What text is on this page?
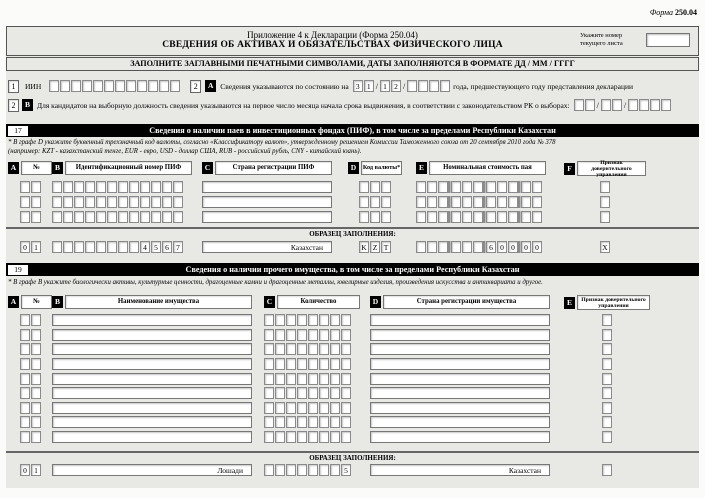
Форма 250.04
Приложение 4 к Декларации (Форма 250.04)
СВЕДЕНИЯ ОБ АКТИВАХ И ОБЯЗАТЕЛЬСТВАХ ФИЗИЧЕСКОГО ЛИЦА
Укажите номер текущего листа
ЗАПОЛНИТЕ ЗАГЛАВНЫМИ ПЕЧАТНЫМИ СИМВОЛАМИ, ДАТЫ ЗАПОЛНЯЮТСЯ В ФОРМАТЕ ДД / ММ / ГГГГ
1	ИИН	2	A Сведения указываются по состоянию на 3 1 / 1 2 /	года, предшествующего году представления декларации
2	В Для кандидатов на выборную должность сведения указываются на первое число месяца начала срока выдвижения, в соответствии с законодательством РК о выборах:	/	/
17	Сведения о наличии паев в инвестиционных фондах (ПИФ), в том числе за пределами Республики Казахстан
* В графе D укажите буквенный трехзначный код валюты, согласно «Классификатору валют», утвержденному решением Комиссии Таможенного союза от 20 сентября 2010 года № 378
(например: KZT - казахстанский тенге, EUR - евро, USD - доллар США, RUB - российский рубль, CNY - китайский юань).
A	№	B	Идентификационный номер ПИФ	C	Страна регистрации ПИФ	D	Код валюты*	E	Номинальная стоимость пая	F
Признак доверительного управления
ОБРАЗЕЦ ЗАПОЛНЕНИЯ:
0 1	4 5 6 7	Казахстан	K Z T	6 0 0	0 0	X
19	Сведения о наличии прочего имущества, в том числе за пределами Республики Казахстан
* В графе B укажите биологически активы, культурные ценности, драгоценные камни и драгоценные металлы, ювелирные изделия, произведения искусства и антиквариата и другое.
A	№	B	Наименование имущества	C	Количество	D	Страна регистрации имущества	E	Признак доверительного управления
ОБРАЗЕЦ ЗАПОЛНЕНИЯ:
0 1	Лошади	5	Казахстан
